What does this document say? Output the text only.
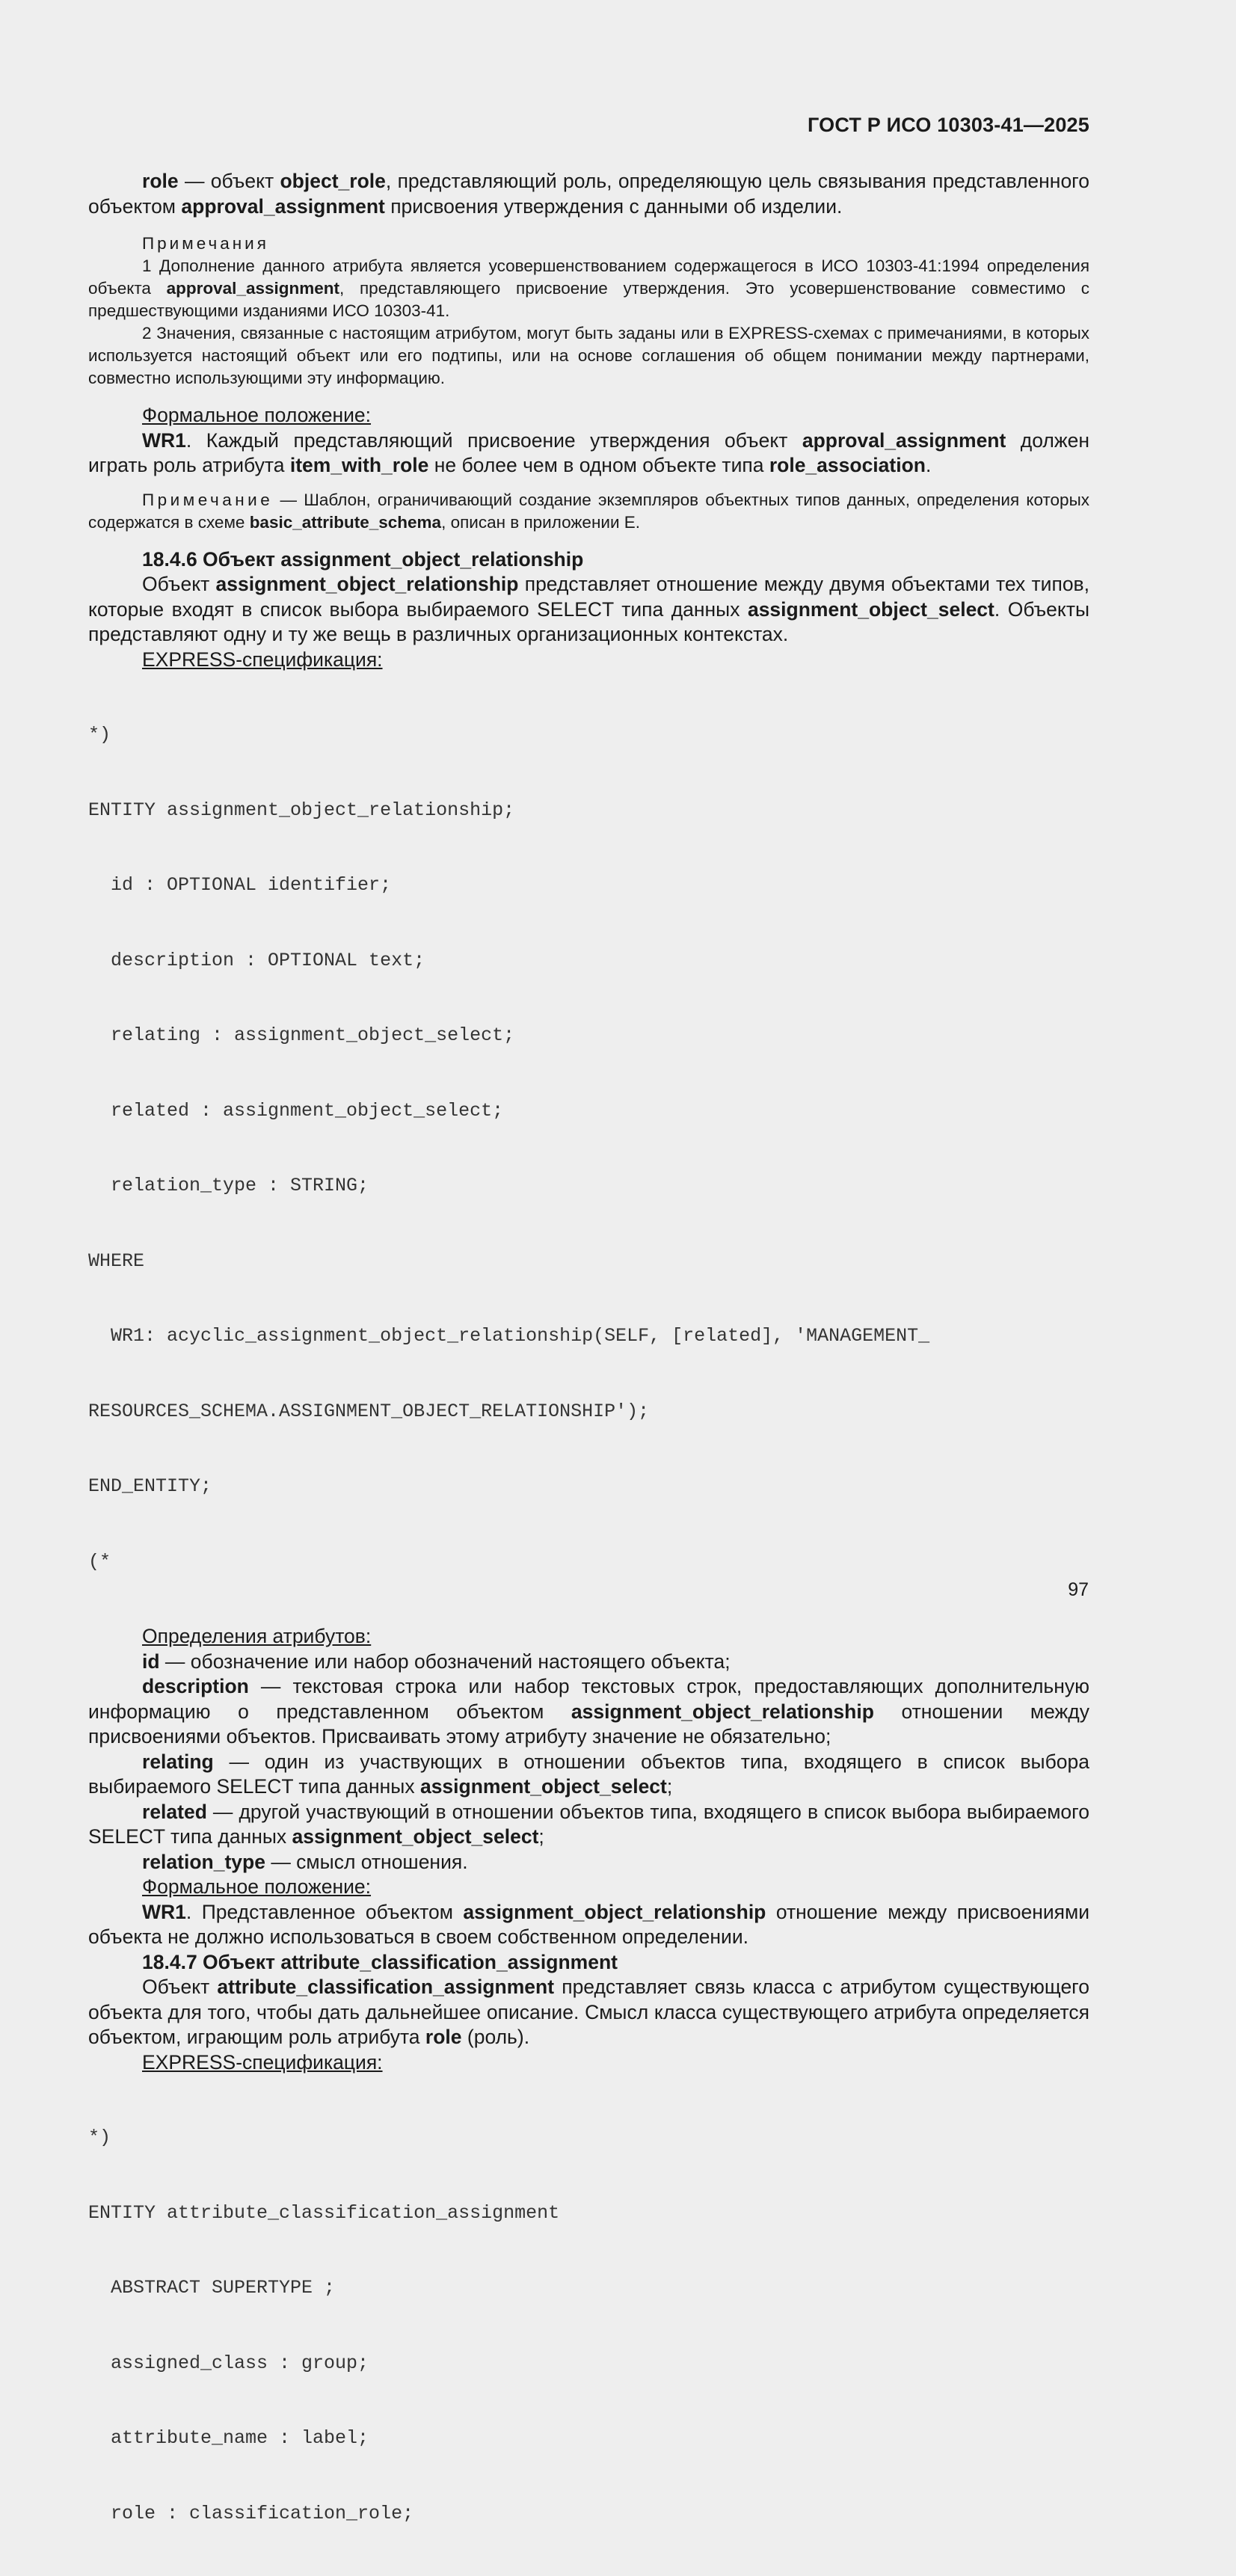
ГОСТ Р ИСО 10303-41—2025

role — объект object_role, представляющий роль, определяющую цель связывания представленного объектом approval_assignment присвоения утверждения с данными об изделии.

Примечания

1 Дополнение данного атрибута является усовершенствованием содержащегося в ИСО 10303-41:1994 определения объекта approval_assignment, представляющего присвоение утверждения. Это усовершенствование совместимо с предшествующими изданиями ИСО 10303-41.

2 Значения, связанные с настоящим атрибутом, могут быть заданы или в EXPRESS-схемах с примечаниями, в которых используется настоящий объект или его подтипы, или на основе соглашения об общем понимании между партнерами, совместно использующими эту информацию.

Формальное положение:

WR1. Каждый представляющий присвоение утверждения объект approval_assignment должен играть роль атрибута item_with_role не более чем в одном объекте типа role_association.

Примечание — Шаблон, ограничивающий создание экземпляров объектных типов данных, определения которых содержатся в схеме basic_attribute_schema, описан в приложении Е.

18.4.6 Объект assignment_object_relationship

Объект assignment_object_relationship представляет отношение между двумя объектами тех типов, которые входят в список выбора выбираемого SELECT типа данных assignment_object_select. Объекты представляют одну и ту же вещь в различных организационных контекстах.

EXPRESS-спецификация:

*)

ENTITY assignment_object_relationship;

id : OPTIONAL identifier;

description : OPTIONAL text;

relating : assignment_object_select;

related : assignment_object_select;

relation_type : STRING;

WHERE

WR1: acyclic_assignment_object_relationship(SELF, [related], 'MANAGEMENT_

RESOURCES_SCHEMA.ASSIGNMENT_OBJECT_RELATIONSHIP');

END_ENTITY;

(*

Определения атрибутов:

id — обозначение или набор обозначений настоящего объекта;

description — текстовая строка или набор текстовых строк, предоставляющих дополнительную информацию о представленном объектом assignment_object_relationship отношении между присвоениями объектов. Присваивать этому атрибуту значение не обязательно;

relating — один из участвующих в отношении объектов типа, входящего в список выбора выбираемого SELECT типа данных assignment_object_select;

related — другой участвующий в отношении объектов типа, входящего в список выбора выбираемого SELECT типа данных assignment_object_select;

relation_type — смысл отношения.

Формальное положение:

WR1. Представленное объектом assignment_object_relationship отношение между присвоениями объекта не должно использоваться в своем собственном определении.

18.4.7 Объект attribute_classification_assignment

Объект attribute_classification_assignment представляет связь класса с атрибутом существующего объекта для того, чтобы дать дальнейшее описание. Смысл класса существующего атрибута определяется объектом, играющим роль атрибута role (роль).

EXPRESS-спецификация:

*)

ENTITY attribute_classification_assignment

ABSTRACT SUPERTYPE ;

assigned_class : group;

attribute_name : label;

role : classification_role;

97
